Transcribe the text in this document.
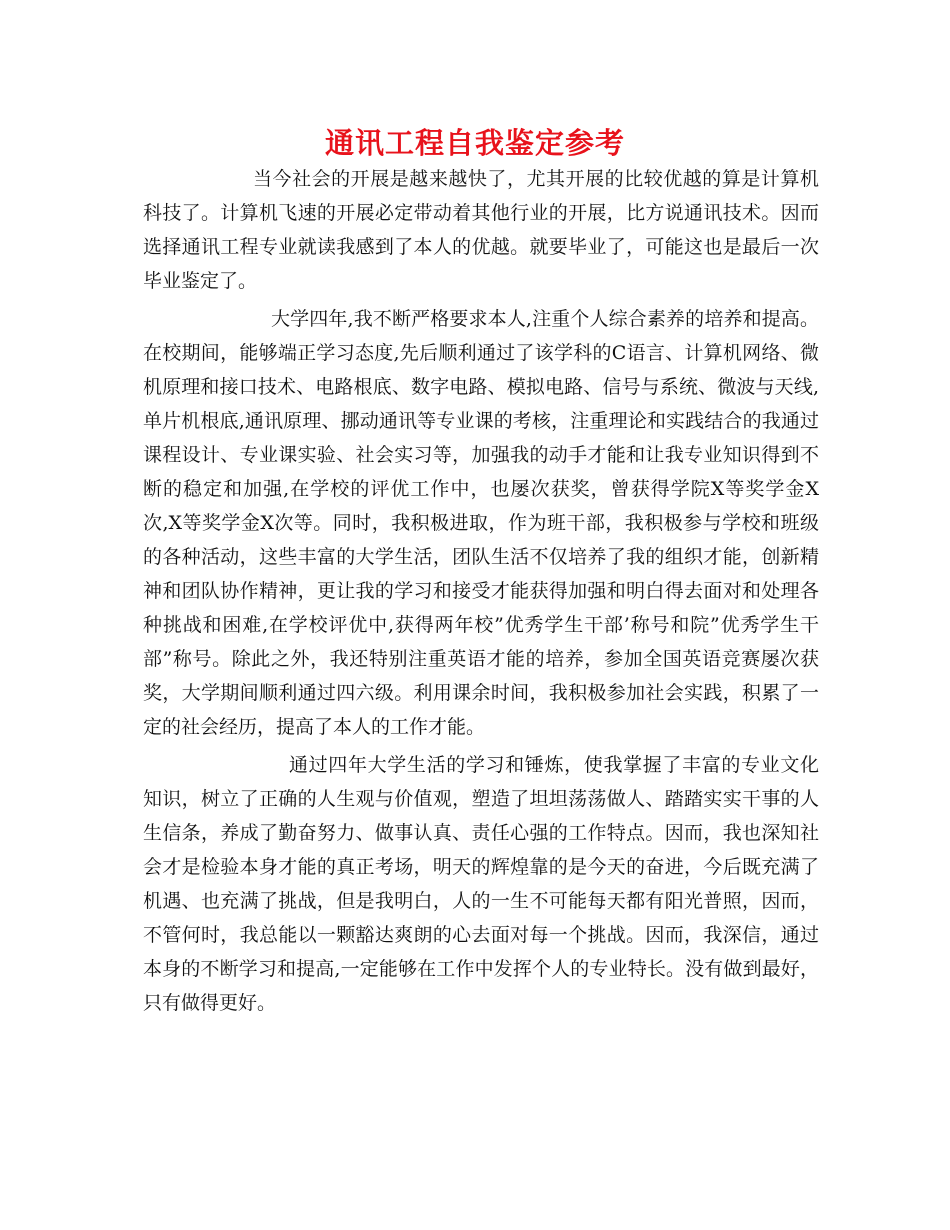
通讯工程自我鉴定参考

当今社会的开展是越来越快了，尤其开展的比较优越的算是计算机科技了。计算机飞速的开展必定带动着其他行业的开展，比方说通讯技术。因而选择通讯工程专业就读我感到了本人的优越。就要毕业了，可能这也是最后一次毕业鉴定了。

大学四年,我不断严格要求本人,注重个人综合素养的培养和提高。在校期间，能够端正学习态度,先后顺利通过了该学科的C语言、计算机网络、微机原理和接口技术、电路根底、数字电路、模拟电路、信号与系统、微波与天线,单片机根底,通讯原理、挪动通讯等专业课的考核，注重理论和实践结合的我通过课程设计、专业课实验、社会实习等，加强我的动手才能和让我专业知识得到不断的稳定和加强,在学校的评优工作中，也屡次获奖，曾获得学院X等奖学金X次,X等奖学金X次等。同时，我积极进取，作为班干部，我积极参与学校和班级的各种活动，这些丰富的大学生活，团队生活不仅培养了我的组织才能，创新精神和团队协作精神，更让我的学习和接受才能获得加强和明白得去面对和处理各种挑战和困难,在学校评优中,获得两年校”优秀学生干部’称号和院”优秀学生干部”称号。除此之外，我还特别注重英语才能的培养，参加全国英语竞赛屡次获奖，大学期间顺利通过四六级。利用课余时间，我积极参加社会实践，积累了一定的社会经历，提高了本人的工作才能。

通过四年大学生活的学习和锤炼，使我掌握了丰富的专业文化知识，树立了正确的人生观与价值观，塑造了坦坦荡荡做人、踏踏实实干事的人生信条，养成了勤奋努力、做事认真、责任心强的工作特点。因而，我也深知社会才是检验本身才能的真正考场，明天的辉煌靠的是今天的奋进，今后既充满了机遇、也充满了挑战，但是我明白，人的一生不可能每天都有阳光普照，因而，不管何时，我总能以一颗豁达爽朗的心去面对每一个挑战。因而，我深信，通过本身的不断学习和提高,一定能够在工作中发挥个人的专业特长。没有做到最好，只有做得更好。
